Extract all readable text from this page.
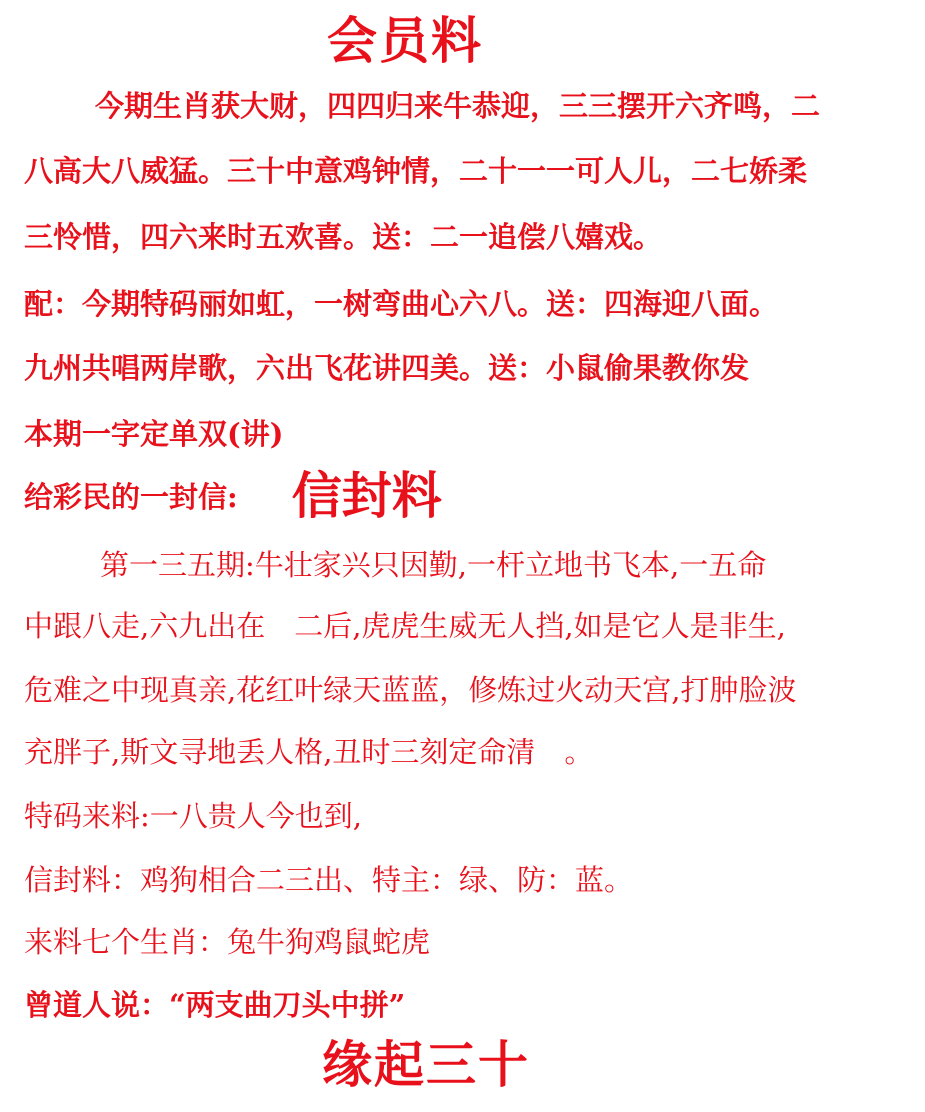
会员料
今期生肖获大财，四四归来牛恭迎，三三摆开六齐鸣，二
八高大八威猛。三十中意鸡钟情，二十一一可人儿，二七娇柔
三怜惜，四六来时五欢喜。送：二一追偿八嬉戏。
配：今期特码丽如虹，一树弯曲心六八。送：四海迎八面。
九州共唱两岸歌，六出飞花讲四美。送：小鼠偷果教你发
本期一字定单双(讲)
给彩民的一封信: 信封料
第一三五期:牛壮家兴只因勤,一杆立地书飞本,一五命
中跟八走,六九出在　二后,虎虎生威无人挡,如是它人是非生,
危难之中现真亲,花红叶绿天蓝蓝，修炼过火动天宫,打肿脸波
充胖子,斯文寻地丢人格,丑时三刻定命清　。
特码来料:一八贵人今也到,
信封料：鸡狗相合二三出、特主：绿、防：蓝。
来料七个生肖：兔牛狗鸡鼠蛇虎
曾道人说：“两支曲刀头中拼”
缘起三十
